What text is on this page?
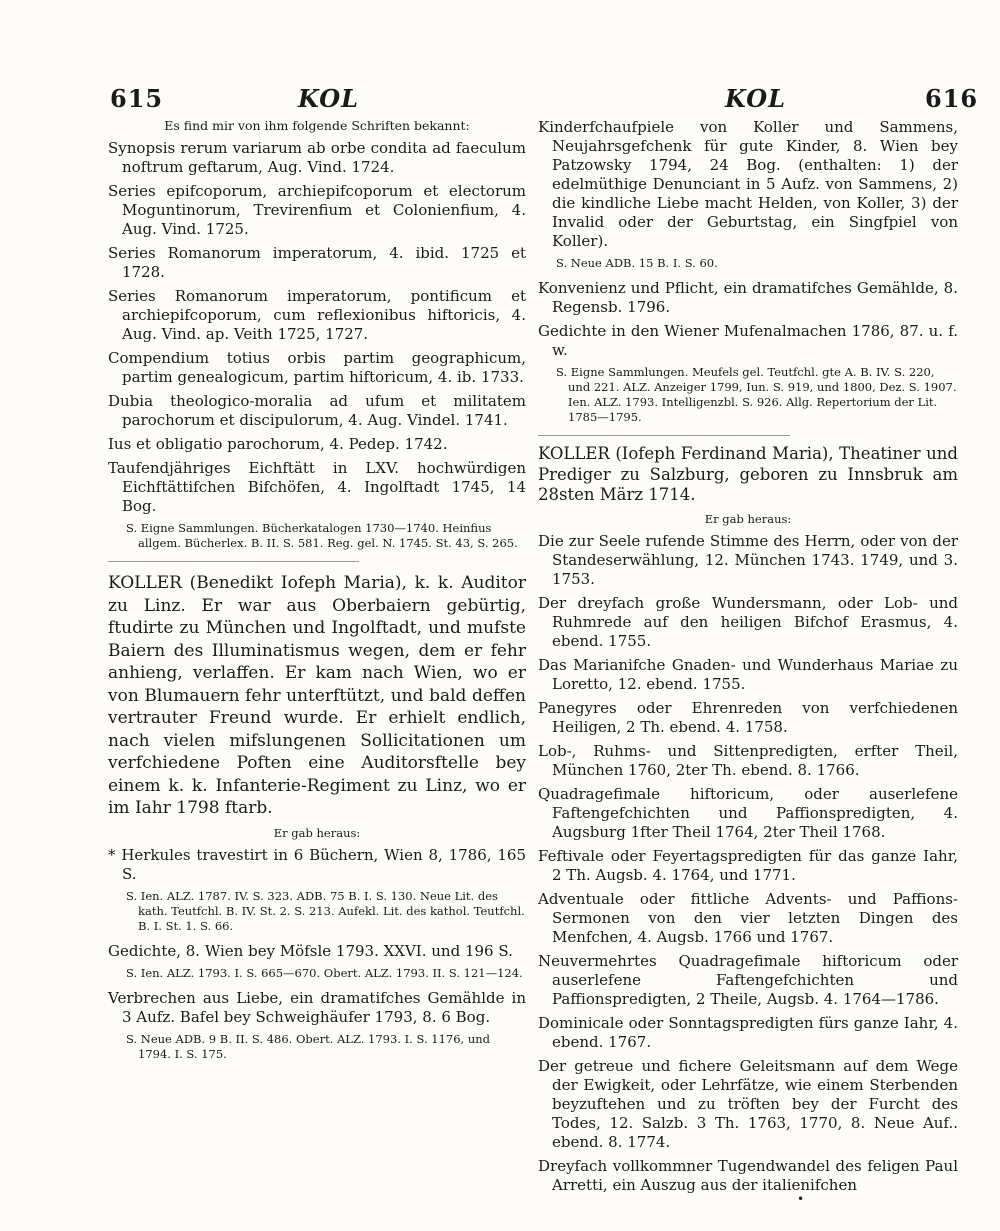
615	KOL	KOL	616

Es find mir von ihm folgende Schriften bekannt:

Synopsis rerum variarum ab orbe condita ad faeculum noftrum geftarum, Aug. Vind. 1724.

Series epifcoporum, archiepifcoporum et electorum Moguntinorum, Trevirenfium et Colonienfium, 4. Aug. Vind. 1725.

Series Romanorum imperatorum, 4. ibid. 1725 et 1728.

Series Romanorum imperatorum, pontificum et archiepifcoporum, cum reflexionibus hiftoricis, 4. Aug. Vind. ap. Veith 1725, 1727.

Compendium totius orbis partim geographicum, partim genealogicum, partim hiftoricum, 4. ib. 1733.

Dubia theologico-moralia ad ufum et militatem parochorum et discipulorum, 4. Aug. Vindel. 1741.

Ius et obligatio parochorum, 4. Pedep. 1742.

Taufendjähriges Eichftätt in LXV. hochwürdigen Eichftättifchen Bifchöfen, 4. Ingolftadt 1745, 14 Bog.

S. Eigne Sammlungen. Bücherkatalogen 1730—1740. Heinfius allgem. Bücherlex. B. II. S. 581. Reg. gel. N. 1745. St. 43, S. 265.

KOLLER (Benedikt Iofeph Maria), k. k. Auditor zu Linz. Er war aus Oberbaiern gebürtig, ftudirte zu München und Ingolftadt, und mufste Baiern des Illuminatismus wegen, dem er fehr anhieng, verlaffen. Er kam nach Wien, wo er von Blumauern fehr unterftützt, und bald deffen vertrauter Freund wurde. Er erhielt endlich, nach vielen mifslungenen Sollicitationen um verfchiedene Poften eine Auditorsftelle bey einem k. k. Infanterie-Regiment zu Linz, wo er im Iahr 1798 ftarb.

Er gab heraus:

* Herkules travestirt in 6 Büchern, Wien 8, 1786, 165 S.

S. Ien. ALZ. 1787. IV. S. 323. ADB. 75 B. I. S. 130. Neue Lit. des kath. Teutfchl. B. IV. St. 2. S. 213. Aufekl. Lit. des kathol. Teutfchl. B. I. St. 1. S. 66.

Gedichte, 8. Wien bey Möfsle 1793. XXVI. und 196 S.

S. Ien. ALZ. 1793. I. S. 665—670. Obert. ALZ. 1793. II. S. 121—124.

Verbrechen aus Liebe, ein dramatifches Gemählde in 3 Aufz. Bafel bey Schweighäufer 1793, 8. 6 Bog.

S. Neue ADB. 9 B. II. S. 486. Obert. ALZ. 1793. I. S. 1176, und 1794. I. S. 175.

Kinderfchaufpiele von Koller und Sammens, Neujahrsgefchenk für gute Kinder, 8. Wien bey Patzowsky 1794, 24 Bog. (enthalten: 1) der edelmüthige Denunciant in 5 Aufz. von Sammens, 2) die kindliche Liebe macht Helden, von Koller, 3) der Invalid oder der Geburtstag, ein Singfpiel von Koller).

S. Neue ADB. 15 B. I. S. 60.

Konvenienz und Pflicht, ein dramatifches Gemählde, 8. Regensb. 1796.

Gedichte in den Wiener Mufenalmachen 1786, 87. u. f. w.

S. Eigne Sammlungen. Meufels gel. Teutfchl. gte A. B. IV. S. 220, und 221. ALZ. Anzeiger 1799, Iun. S. 919, und 1800, Dez. S. 1907. Ien. ALZ. 1793. Intelligenzbl. S. 926. Allg. Repertorium der Lit. 1785—1795.

KOLLER (Iofeph Ferdinand Maria), Theatiner und Prediger zu Salzburg, geboren zu Innsbruk am 28sten März 1714.

Er gab heraus:

Die zur Seele rufende Stimme des Herrn, oder von der Standeserwählung, 12. München 1743. 1749, und 3. 1753.

Der dreyfach große Wundersmann, oder Lob- und Ruhmrede auf den heiligen Bifchof Erasmus, 4. ebend. 1755.

Das Marianifche Gnaden- und Wunderhaus Mariae zu Loretto, 12. ebend. 1755.

Panegyres oder Ehrenreden von verfchiedenen Heiligen, 2 Th. ebend. 4. 1758.

Lob-, Ruhms- und Sittenpredigten, erfter Theil, München 1760, 2ter Th. ebend. 8. 1766.

Quadragefimale hiftoricum, oder auserlefene Faftengefchichten und Paffionspredigten, 4. Augsburg 1fter Theil 1764, 2ter Theil 1768.

Feftivale oder Feyertagspredigten für das ganze Iahr, 2 Th. Augsb. 4. 1764, und 1771.

Adventuale oder fittliche Advents- und Paffions-Sermonen von den vier letzten Dingen des Menfchen, 4. Augsb. 1766 und 1767.

Neuvermehrtes Quadragefimale hiftoricum oder auserlefene Faftengefchichten und Paffionspredigten, 2 Theile, Augsb. 4. 1764—1786.

Dominicale oder Sonntagspredigten fürs ganze Iahr, 4. ebend. 1767.

Der getreue und fichere Geleitsmann auf dem Wege der Ewigkeit, oder Lehrfätze, wie einem Sterbenden beyzuftehen und zu tröften bey der Furcht des Todes, 12. Salzb. 3 Th. 1763, 1770, 8. Neue Auf.. ebend. 8. 1774.

Dreyfach vollkommner Tugendwandel des feligen Paul Arretti, ein Auszug aus der italienifchen

•
